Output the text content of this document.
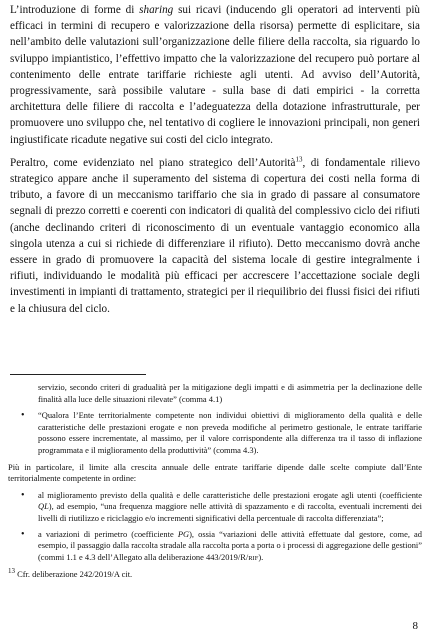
L’introduzione di forme di sharing sui ricavi (inducendo gli operatori ad interventi più efficaci in termini di recupero e valorizzazione della risorsa) permette di esplicitare, sia nell’ambito delle valutazioni sull’organizzazione delle filiere della raccolta, sia riguardo lo sviluppo impiantistico, l’effettivo impatto che la valorizzazione del recupero può portare al contenimento delle entrate tariffarie richieste agli utenti. Ad avviso dell’Autorità, progressivamente, sarà possibile valutare - sulla base di dati empirici - la corretta architettura delle filiere di raccolta e l’adeguatezza della dotazione infrastrutturale, per promuovere uno sviluppo che, nel tentativo di cogliere le innovazioni principali, non generi ingiustificate ricadute negative sui costi del ciclo integrato.

Peraltro, come evidenziato nel piano strategico dell’Autorità$^{13}$, di fondamentale rilievo strategico appare anche il superamento del sistema di copertura dei costi nella forma di tributo, a favore di un meccanismo tariffario che sia in grado di passare al consumatore segnali di prezzo corretti e coerenti con indicatori di qualità del complessivo ciclo dei rifiuti (anche declinando criteri di riconoscimento di un eventuale vantaggio economico alla singola utenza a cui si richiede di differenziare il rifiuto). Detto meccanismo dovrà anche essere in grado di promuovere la capacità del sistema locale di gestire integralmente i rifiuti, individuando le modalità più efficaci per accrescere l’accettazione sociale degli investimenti in impianti di trattamento, strategici per il riequilibrio dei flussi fisici dei rifiuti e la chiusura del ciclo.

servizio, secondo criteri di gradualità per la mitigazione degli impatti e di asimmetria per la declinazione delle finalità alla luce delle situazioni rilevate” (comma 4.1)

• “Qualora l’Ente territorialmente competente non individui obiettivi di miglioramento della qualità e delle caratteristiche delle prestazioni erogate e non preveda modifiche al perimetro gestionale, le entrate tariffarie possono essere incrementate, al massimo, per il valore corrispondente alla differenza tra il tasso di inflazione programmata e il miglioramento della produttività” (comma 4.3).

Più in particolare, il limite alla crescita annuale delle entrate tariffarie dipende dalle scelte compiute dall’Ente territorialmente competente in ordine:

• al miglioramento previsto della qualità e delle caratteristiche delle prestazioni erogate agli utenti (coefficiente QL), ad esempio, “una frequenza maggiore nelle attività di spazzamento e di raccolta, eventuali incrementi dei livelli di riutilizzo e riciclaggio e/o incrementi significativi della percentuale di raccolta differenziata”;
• a variazioni di perimetro (coefficiente PG), ossia “variazioni delle attività effettuate dal gestore, come, ad esempio, il passaggio dalla raccolta stradale alla raccolta porta a porta o i processi di aggregazione delle gestioni” (commi 1.1 e 4.3 dell’Allegato alla deliberazione 443/2019/R/RIF).

$^{13}$ Cfr. deliberazione 242/2019/A cit.

8
